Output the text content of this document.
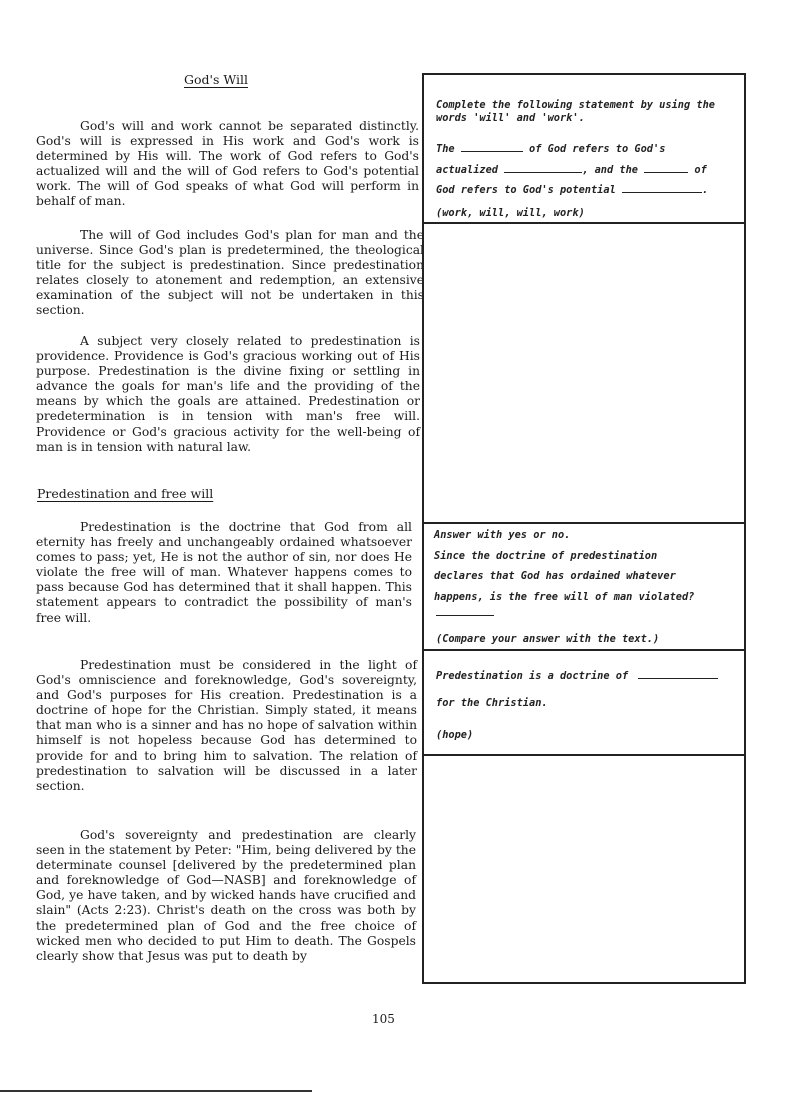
God's Will
God's will and work cannot be separated distinctly. God's will is expressed in His work and God's work is determined by His will. The work of God refers to God's actualized will and the will of God refers to God's potential work. The will of God speaks of what God will perform in behalf of man.
The will of God includes God's plan for man and the universe. Since God's plan is predetermined, the theological title for the subject is predestination. Since predestination relates closely to atonement and redemption, an extensive examination of the subject will not be undertaken in this section.
A subject very closely related to predestination is providence. Providence is God's gracious working out of His purpose. Predestination is the divine fixing or settling in advance the goals for man's life and the providing of the means by which the goals are attained. Predestination or predetermination is in tension with man's free will. Providence or God's gracious activity for the well-being of man is in tension with natural law.
Predestination and free will
Predestination is the doctrine that God from all eternity has freely and unchangeably ordained whatsoever comes to pass; yet, He is not the author of sin, nor does He violate the free will of man. Whatever happens comes to pass because God has determined that it shall happen. This statement appears to contradict the possibility of man's free will.
Predestination must be considered in the light of God's omniscience and foreknowledge, God's sovereignty, and God's purposes for His creation. Predestination is a doctrine of hope for the Christian. Simply stated, it means that man who is a sinner and has no hope of salvation within himself is not hopeless because God has determined to provide for and to bring him to salvation. The relation of predestination to salvation will be discussed in a later section.
God's sovereignty and predestination are clearly seen in the statement by Peter: "Him, being delivered by the determinate counsel [delivered by the predetermined plan and foreknowledge of God—NASB] and foreknowledge of God, ye have taken, and by wicked hands have crucified and slain" (Acts 2:23). Christ's death on the cross was both by the predetermined plan of God and the free choice of wicked men who decided to put Him to death. The Gospels clearly show that Jesus was put to death by

Complete the following statement by using the words 'will' and 'work'.

The	of God refers to God's

actualized	, and the	of

God refers to God's potential	.

(work, will, will, work)

Answer with yes or no.

Since the doctrine of predestination

declares that God has ordained whatever

happens, is the free will of man violated?

(Compare your answer with the text.)

Predestination is a doctrine of

for the Christian.

(hope)
105
